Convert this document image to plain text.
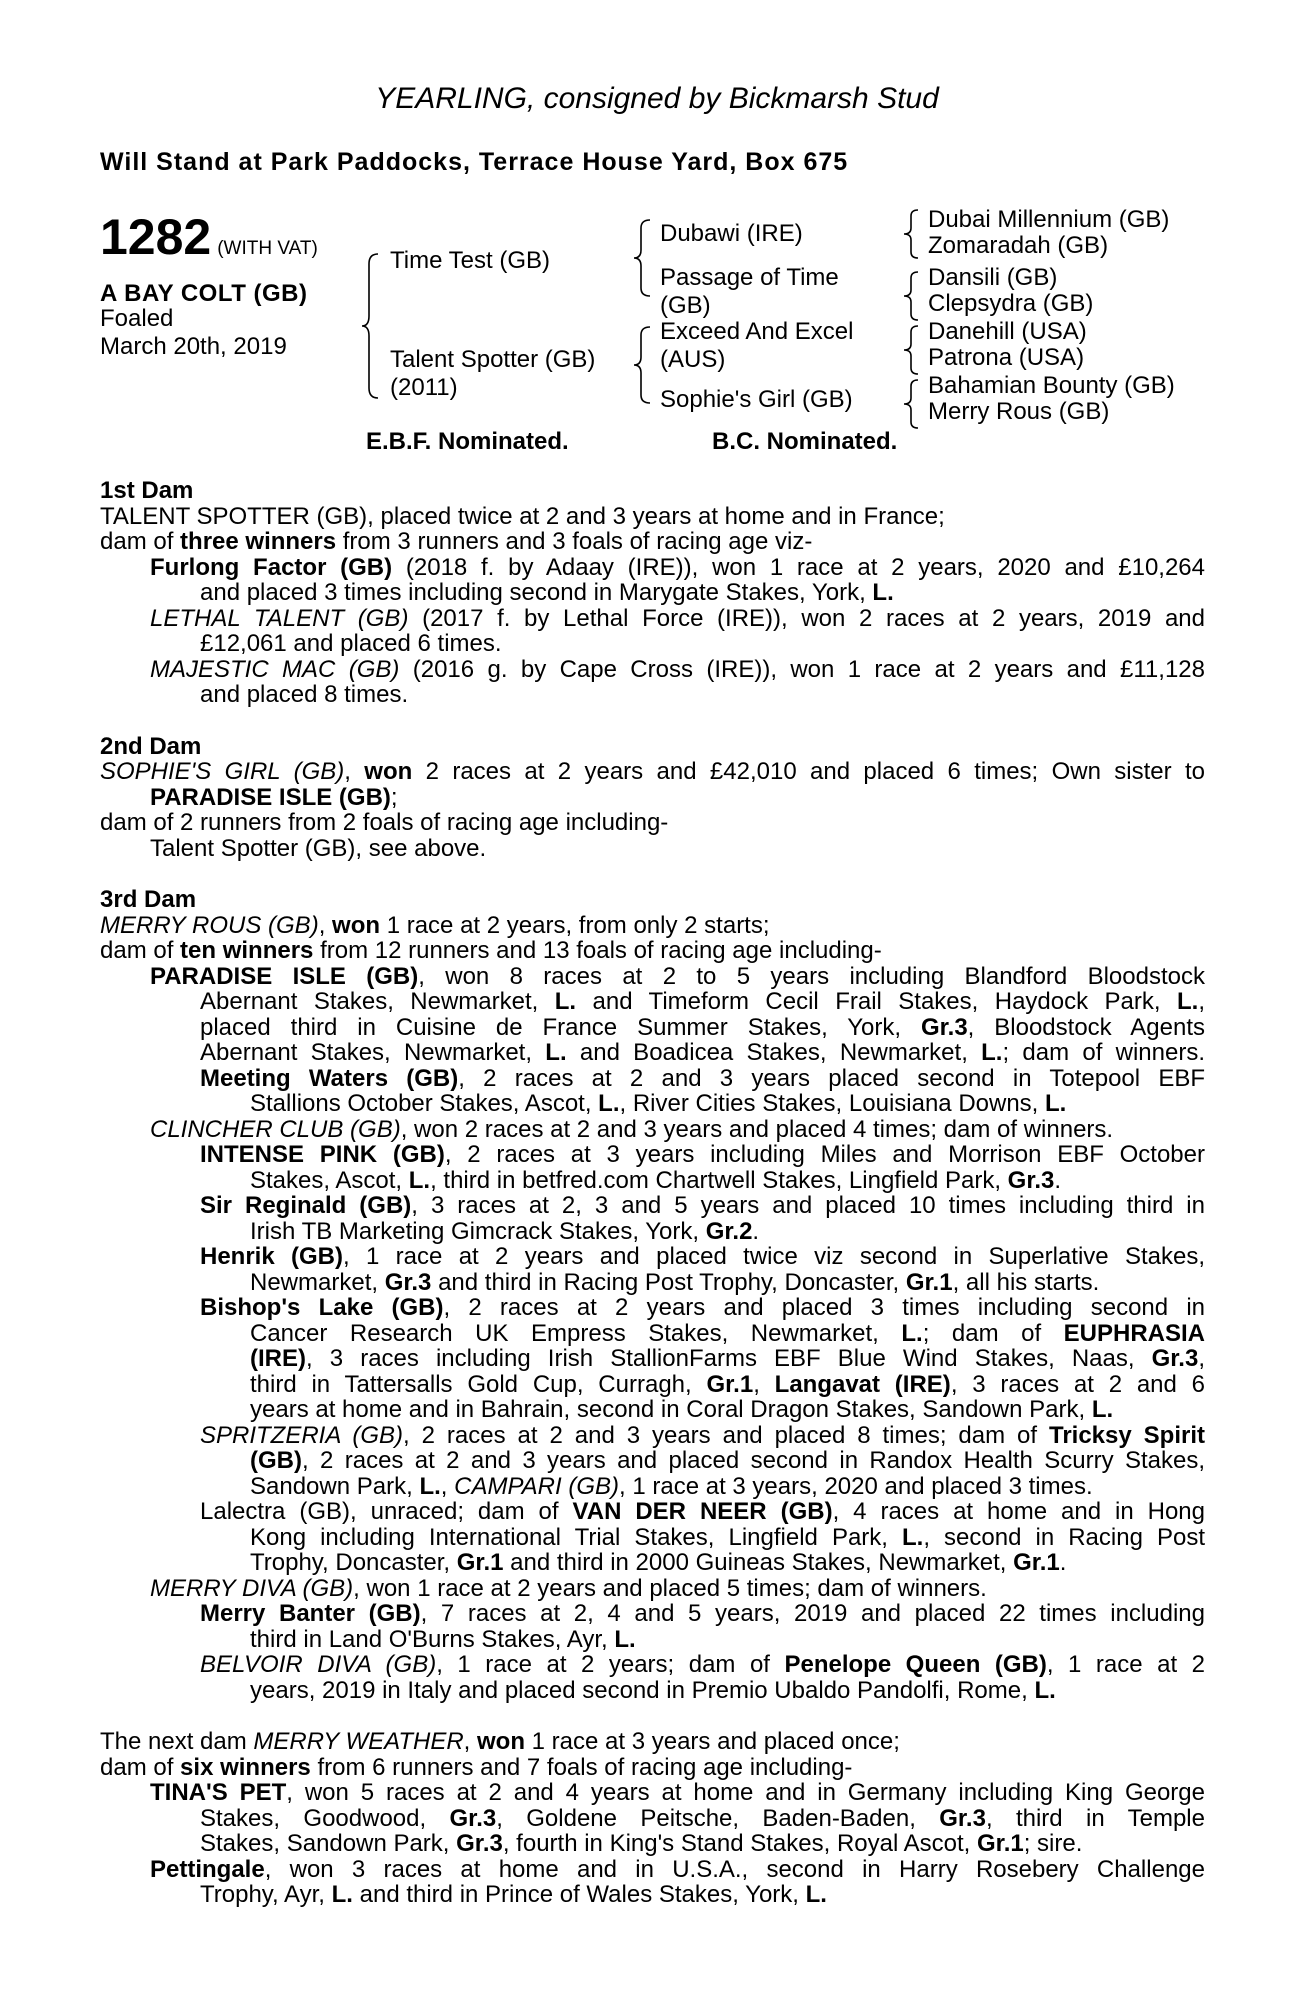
YEARLING, consigned by Bickmarsh Stud
Will Stand at Park Paddocks, Terrace House Yard, Box 675
1282 (WITH VAT)
A BAY COLT (GB)
Foaled
March 20th, 2019
Time Test (GB)
Talent Spotter (GB)
(2011)
Dubawi (IRE)
Passage of Time
(GB)
Exceed And Excel
(AUS)
Sophie's Girl (GB)
Dubai Millennium (GB)
Zomaradah (GB)
Dansili (GB)
Clepsydra (GB)
Danehill (USA)
Patrona (USA)
Bahamian Bounty (GB)
Merry Rous (GB)
E.B.F. Nominated.	B.C. Nominated.
1st Dam
TALENT SPOTTER (GB), placed twice at 2 and 3 years at home and in France;
dam of three winners from 3 runners and 3 foals of racing age viz-
Furlong Factor (GB) (2018 f. by Adaay (IRE)), won 1 race at 2 years, 2020 and £10,264
and placed 3 times including second in Marygate Stakes, York, L.
LETHAL TALENT (GB) (2017 f. by Lethal Force (IRE)), won 2 races at 2 years, 2019 and
£12,061 and placed 6 times.
MAJESTIC MAC (GB) (2016 g. by Cape Cross (IRE)), won 1 race at 2 years and £11,128
and placed 8 times.
2nd Dam
SOPHIE'S GIRL (GB), won 2 races at 2 years and £42,010 and placed 6 times; Own sister to
PARADISE ISLE (GB);
dam of 2 runners from 2 foals of racing age including-
Talent Spotter (GB), see above.
3rd Dam
MERRY ROUS (GB), won 1 race at 2 years, from only 2 starts;
dam of ten winners from 12 runners and 13 foals of racing age including-
PARADISE ISLE (GB), won 8 races at 2 to 5 years including Blandford Bloodstock
Abernant Stakes, Newmarket, L. and Timeform Cecil Frail Stakes, Haydock Park, L.,
placed third in Cuisine de France Summer Stakes, York, Gr.3, Bloodstock Agents
Abernant Stakes, Newmarket, L. and Boadicea Stakes, Newmarket, L.; dam of winners.
Meeting Waters (GB), 2 races at 2 and 3 years placed second in Totepool EBF
Stallions October Stakes, Ascot, L., River Cities Stakes, Louisiana Downs, L.
CLINCHER CLUB (GB), won 2 races at 2 and 3 years and placed 4 times; dam of winners.
INTENSE PINK (GB), 2 races at 3 years including Miles and Morrison EBF October
Stakes, Ascot, L., third in betfred.com Chartwell Stakes, Lingfield Park, Gr.3.
Sir Reginald (GB), 3 races at 2, 3 and 5 years and placed 10 times including third in
Irish TB Marketing Gimcrack Stakes, York, Gr.2.
Henrik (GB), 1 race at 2 years and placed twice viz second in Superlative Stakes,
Newmarket, Gr.3 and third in Racing Post Trophy, Doncaster, Gr.1, all his starts.
Bishop's Lake (GB), 2 races at 2 years and placed 3 times including second in
Cancer Research UK Empress Stakes, Newmarket, L.; dam of EUPHRASIA
(IRE), 3 races including Irish StallionFarms EBF Blue Wind Stakes, Naas, Gr.3,
third in Tattersalls Gold Cup, Curragh, Gr.1, Langavat (IRE), 3 races at 2 and 6
years at home and in Bahrain, second in Coral Dragon Stakes, Sandown Park, L.
SPRITZERIA (GB), 2 races at 2 and 3 years and placed 8 times; dam of Tricksy Spirit
(GB), 2 races at 2 and 3 years and placed second in Randox Health Scurry Stakes,
Sandown Park, L., CAMPARI (GB), 1 race at 3 years, 2020 and placed 3 times.
Lalectra (GB), unraced; dam of VAN DER NEER (GB), 4 races at home and in Hong
Kong including International Trial Stakes, Lingfield Park, L., second in Racing Post
Trophy, Doncaster, Gr.1 and third in 2000 Guineas Stakes, Newmarket, Gr.1.
MERRY DIVA (GB), won 1 race at 2 years and placed 5 times; dam of winners.
Merry Banter (GB), 7 races at 2, 4 and 5 years, 2019 and placed 22 times including
third in Land O'Burns Stakes, Ayr, L.
BELVOIR DIVA (GB), 1 race at 2 years; dam of Penelope Queen (GB), 1 race at 2
years, 2019 in Italy and placed second in Premio Ubaldo Pandolfi, Rome, L.
The next dam MERRY WEATHER, won 1 race at 3 years and placed once;
dam of six winners from 6 runners and 7 foals of racing age including-
TINA'S PET, won 5 races at 2 and 4 years at home and in Germany including King George
Stakes, Goodwood, Gr.3, Goldene Peitsche, Baden-Baden, Gr.3, third in Temple
Stakes, Sandown Park, Gr.3, fourth in King's Stand Stakes, Royal Ascot, Gr.1; sire.
Pettingale, won 3 races at home and in U.S.A., second in Harry Rosebery Challenge
Trophy, Ayr, L. and third in Prince of Wales Stakes, York, L.
